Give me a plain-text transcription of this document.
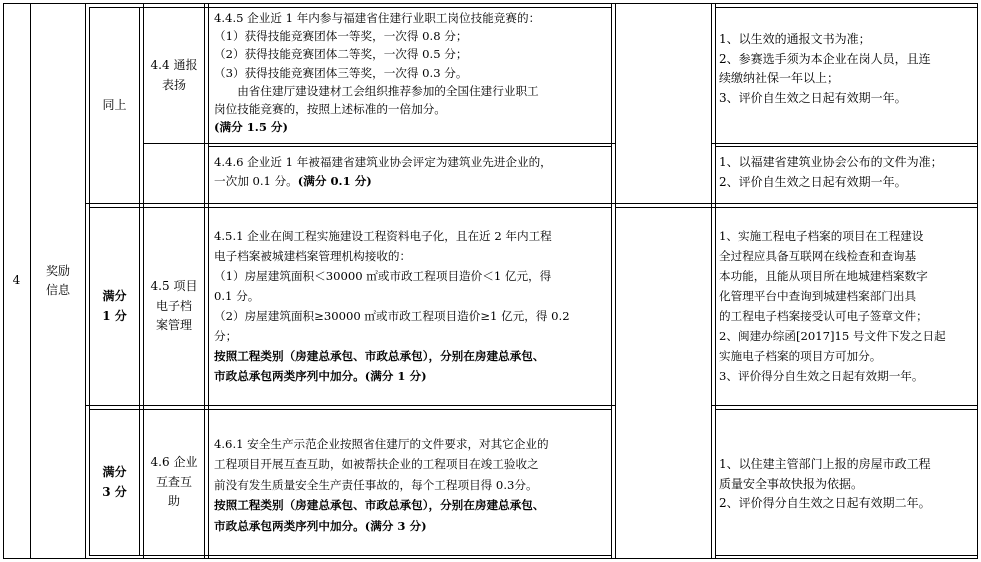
4

奖励

信息

同上

4.4 通报

表扬

4.4.5 企业近 1 年内参与福建省住建行业职工岗位技能竞赛的：

（1）获得技能竞赛团体一等奖，一次得 0.8 分；

（2）获得技能竞赛团体二等奖，一次得 0.5 分；

（3）获得技能竞赛团体三等奖，一次得 0.3 分。

　　由省住建厅建设建材工会组织推荐参加的全国住建行业职工

岗位技能竞赛的，按照上述标准的一倍加分。

(满分 1.5 分)

1、以生效的通报文书为准；

2、参赛选手须为本企业在岗人员，且连

续缴纳社保一年以上；

3、评价自生效之日起有效期一年。

4.4.6 企业近 1 年被福建省建筑业协会评定为建筑业先进企业的，

一次加 0.1 分。(满分 0.1 分)

1、以福建省建筑业协会公布的文件为准；

2、评价自生效之日起有效期一年。

满分

1 分

4.5 项目

电子档

案管理

4.5.1 企业在闽工程实施建设工程资料电子化，且在近 2 年内工程

电子档案被城建档案管理机构接收的：

（1）房屋建筑面积＜30000 ㎡或市政工程项目造价＜1 亿元，得

0.1 分。

（2）房屋建筑面积≥30000 ㎡或市政工程项目造价≥1 亿元，得 0.2

分；

按照工程类别（房建总承包、市政总承包），分别在房建总承包、

市政总承包两类序列中加分。(满分 1 分)

1、实施工程电子档案的项目在工程建设

全过程应具备互联网在线检查和查询基

本功能，且能从项目所在地城建档案数字

化管理平台中查询到城建档案部门出具

的工程电子档案接受认可电子签章文件；

2、闽建办综函[2017]15 号文件下发之日起

实施电子档案的项目方可加分。

3、评价得分自生效之日起有效期一年。

满分

3 分

4.6 企业

互查互

助

4.6.1 安全生产示范企业按照省住建厅的文件要求，对其它企业的

工程项目开展互查互助，如被帮扶企业的工程项目在竣工验收之

前没有发生质量安全生产责任事故的，每个工程项目得 0.3分。

按照工程类别（房建总承包、市政总承包），分别在房建总承包、

市政总承包两类序列中加分。(满分 3 分)

1、以住建主管部门上报的房屋市政工程

质量安全事故快报为依据。

2、评价得分自生效之日起有效期二年。
